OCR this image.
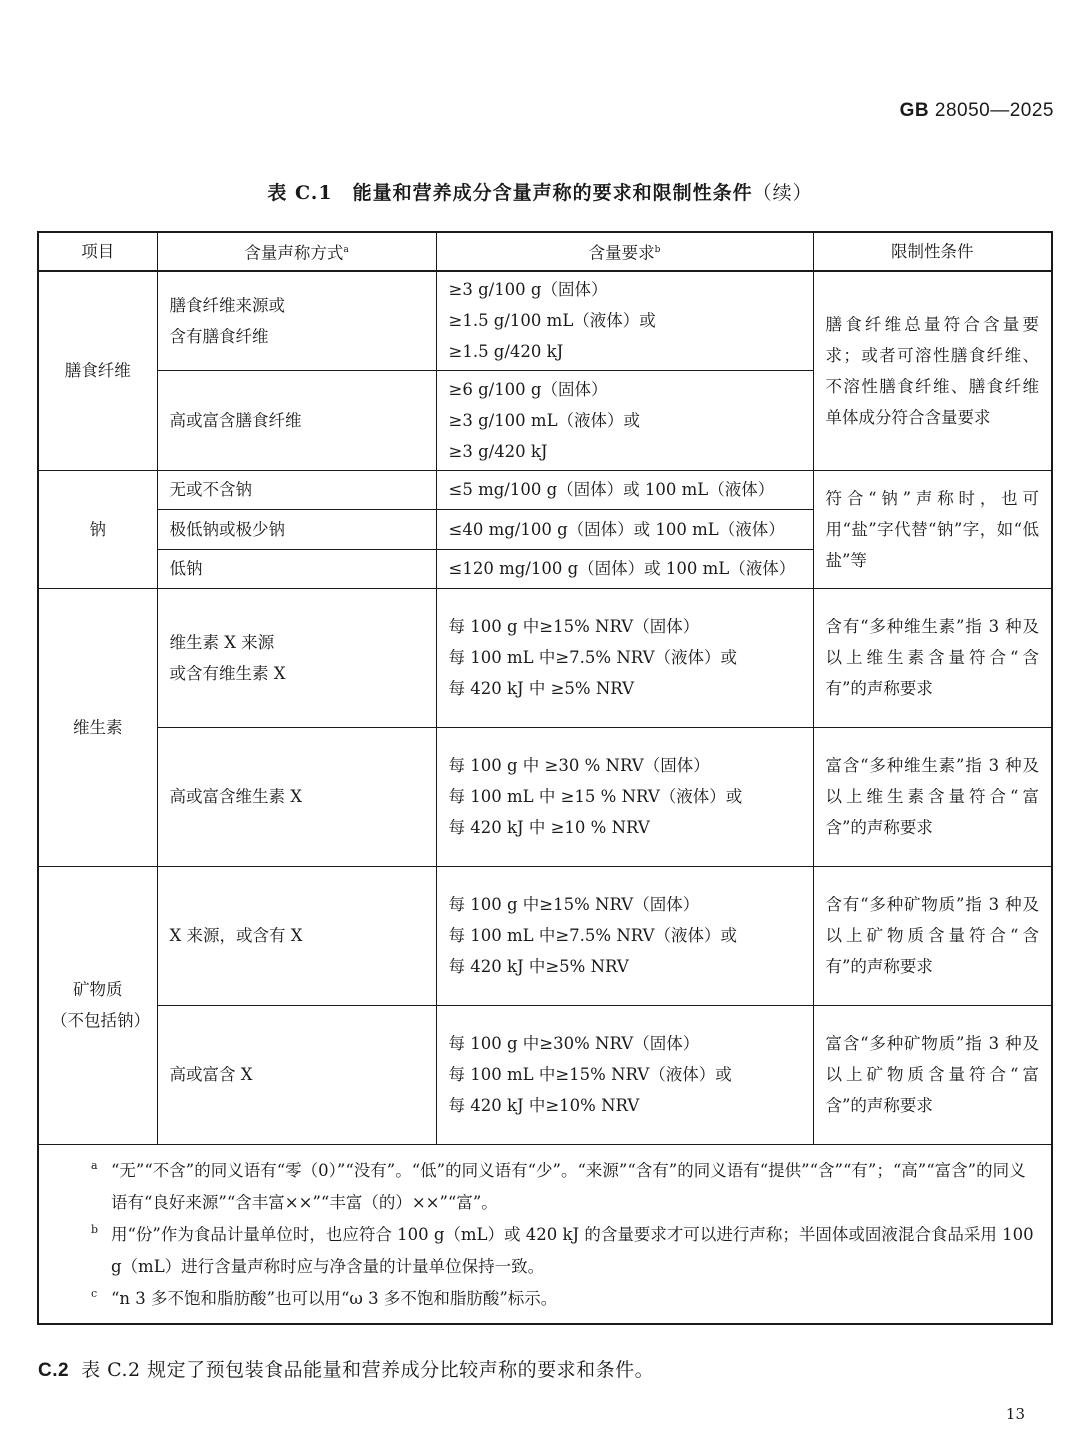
GB 28050—2025
表 C.1　能量和营养成分含量声称的要求和限制性条件（续）
项目	含量声称方式$^a$	含量要求$^b$	限制性条件
膳食纤维	膳食纤维来源或
含有膳食纤维	≥3 g/100 g（固体）
≥1.5 g/100 mL（液体）或
≥1.5 g/420 kJ	膳食纤维总量符合含量要求；或者可溶性膳食纤维、不溶性膳食纤维、膳食纤维单体成分符合含量要求

	高或富含膳食纤维	≥6 g/100 g（固体）
≥3 g/100 mL（液体）或
≥3 g/420 kJ	

钠	无或不含钠	≤5 mg/100 g（固体）或 100 mL（液体）	符合“钠”声称时，也可用“盐”字代替“钠”字，如“低盐”等

	极低钠或极少钠	≤40 mg/100 g（固体）或 100 mL（液体）	

	低钠	≤120 mg/100 g（固体）或 100 mL（液体）	

维生素	维生素 X 来源
或含有维生素 X	每 100 g 中≥15% NRV（固体）
每 100 mL 中≥7.5% NRV（液体）或
每 420 kJ 中 ≥5% NRV	含有“多种维生素”指 3 种及以上维生素含量符合“含有”的声称要求

	高或富含维生素 X	每 100 g 中 ≥30 % NRV（固体）
每 100 mL 中 ≥15 % NRV（液体）或
每 420 kJ 中 ≥10 % NRV	富含“多种维生素”指 3 种及以上维生素含量符合“富含”的声称要求

矿物质
（不包括钠）	X 来源，或含有 X	每 100 g 中≥15% NRV（固体）
每 100 mL 中≥7.5% NRV（液体）或
每 420 kJ 中≥5% NRV	含有“多种矿物质”指 3 种及以上矿物质含量符合“含有”的声称要求

	高或富含 X	每 100 g 中≥30% NRV（固体）
每 100 mL 中≥15% NRV（液体）或
每 420 kJ 中≥10% NRV	富含“多种矿物质”指 3 种及以上矿物质含量符合“富含”的声称要求
a “无”“不含”的同义语有“零（0）”“没有”。“低”的同义语有“少”。“来源”“含有”的同义语有“提供”“含”“有”；“高”“富含”的同义语有“良好来源”“含丰富××”“丰富（的）××”“富”。
b 用“份”作为食品计量单位时，也应符合 100 g（mL）或 420 kJ 的含量要求才可以进行声称；半固体或固液混合食品采用 100 g（mL）进行含量声称时应与净含量的计量单位保持一致。
c “n 3 多不饱和脂肪酸”也可以用“ω 3 多不饱和脂肪酸”标示。
C.2 表 C.2 规定了预包装食品能量和营养成分比较声称的要求和条件。
13
